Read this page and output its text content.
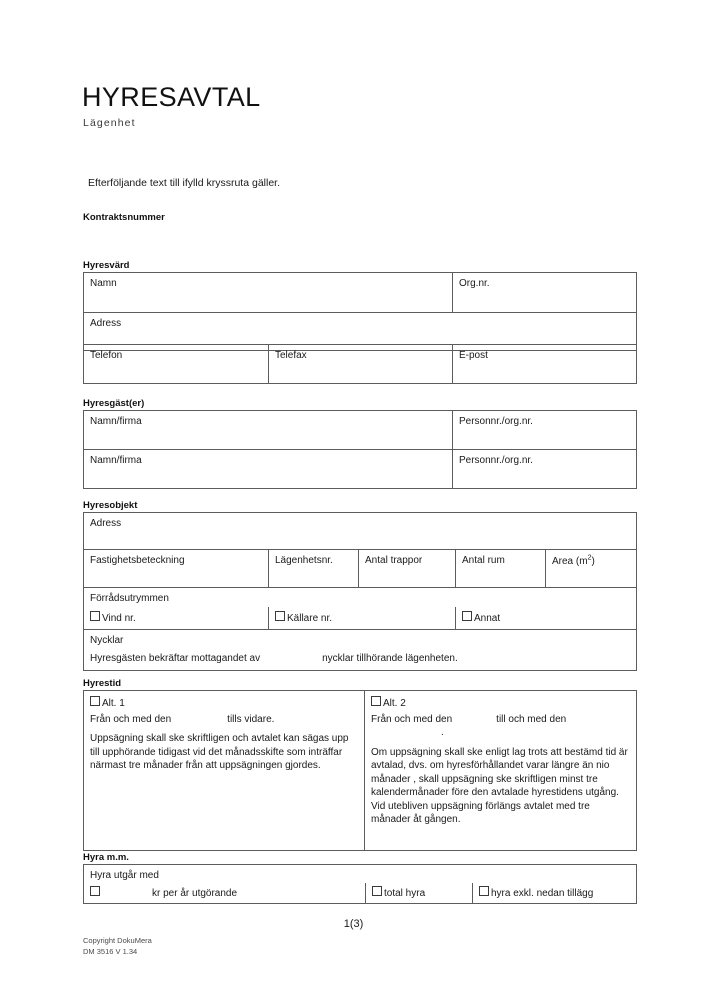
HYRESAVTAL
Lägenhet
Efterföljande text till ifylld kryssruta gäller.
Kontraktsnummer
Hyresvärd
Namn	Org.nr.
Adress
Telefon	Telefax	E-post
Hyresgäst(er)
Namn/firma	Personnr./org.nr.
Namn/firma	Personnr./org.nr.
Hyresobjekt
Adress				
Fastighetsbeteckning	Lägenhetsnr.	Antal trappor	Antal rum	Area $(m^2)$
Förrådsutrymmen				
Vind nr.	Källare nr.		Annat	

Nycklar
Hyresgästen bekräftar mottagandet av nycklar tillhörande lägenheten.				
Hyrestid
Alt. 1
Från och med den	tills vidare.
Uppsägning skall ske skriftligen och avtalet kan sägas upp till upphörande tidigast vid det månadsskifte som inträffar närmast tre månader från att uppsägningen gjordes.

Alt. 2
Från och med den	till och med den.
Om uppsägning skall ske enligt lag trots att bestämd tid är avtalad, dvs. om hyresförhållandet varar längre än nio månader , skall uppsägning ske skriftligen minst tre kalendermånader före den avtalade hyrestidens utgång. Vid utebliven uppsägning förlängs avtalet med tre månader åt gången.
Hyra m.m.
Hyra utgår med
kr per år utgörande	total hyra	hyra exkl. nedan tillägg
1(3)
Copyright DokuMera
DM 3516 V 1.34
